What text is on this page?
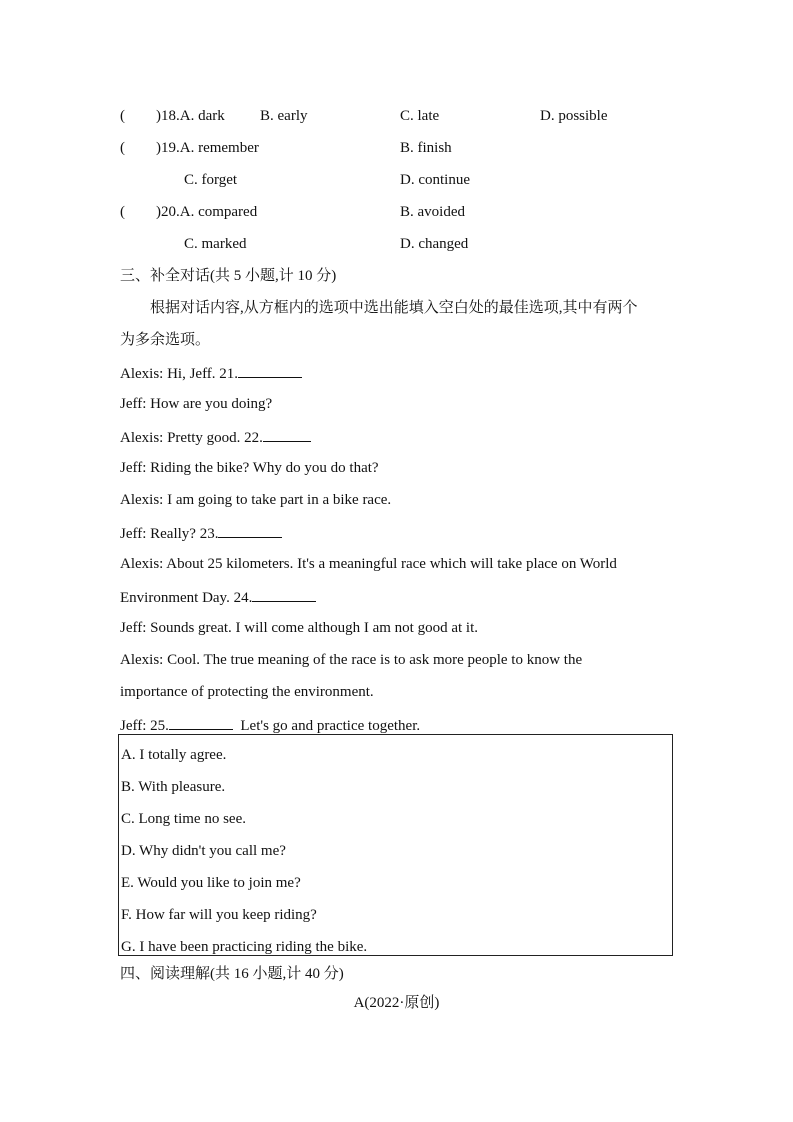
( )18.A. dark B. early	C. late	D. possible
( )19.A. remember	B. finish
C. forget	D. continue
( )20.A. compared	B. avoided
C. marked	D. changed
三、补全对话(共 5 小题,计 10 分)
根据对话内容,从方框内的选项中选出能填入空白处的最佳选项,其中有两个
为多余选项。
Alexis: Hi, Jeff. 21.
Jeff: How are you doing?
Alexis: Pretty good. 22.
Jeff: Riding the bike? Why do you do that?
Alexis: I am going to take part in a bike race.
Jeff: Really? 23.
Alexis: About 25 kilometers. It's a meaningful race which will take place on World
Environment Day. 24.
Jeff: Sounds great. I will come although I am not good at it.
Alexis: Cool. The true meaning of the race is to ask more people to know the
importance of protecting the environment.
Jeff: 25.	Let's go and practice together.
A. I totally agree.
B. With pleasure.
C. Long time no see.
D. Why didn't you call me?
E. Would you like to join me?
F. How far will you keep riding?
G. I have been practicing riding the bike.
四、阅读理解(共 16 小题,计 40 分)
A(2022·原创)
